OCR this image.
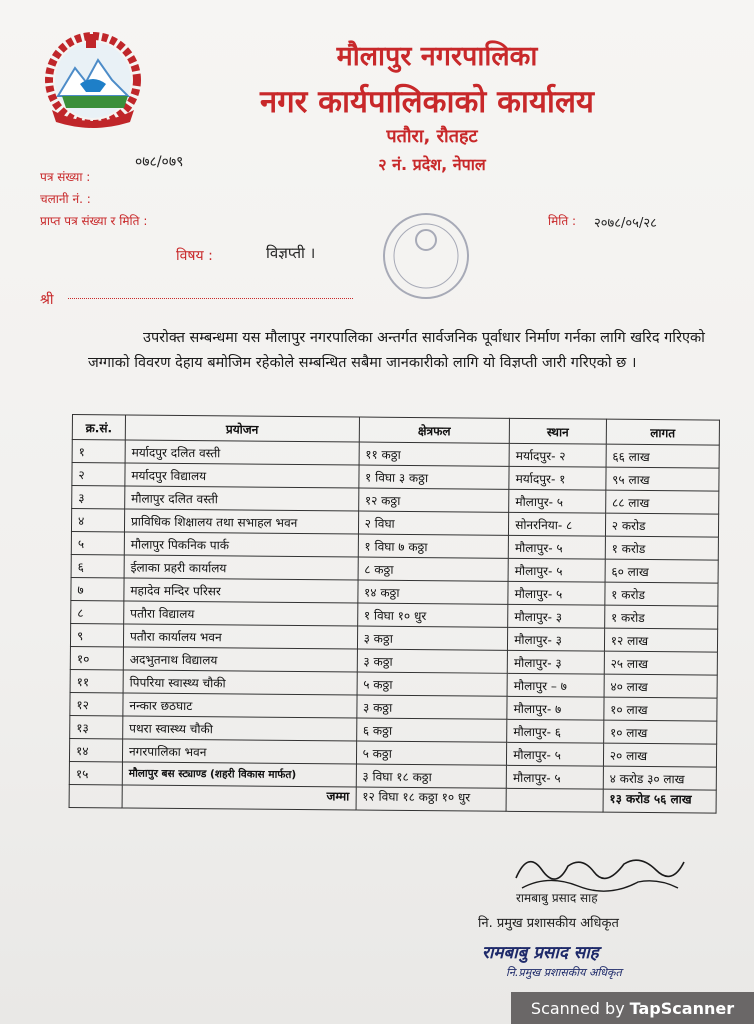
मौलापुर नगरपालिका
नगर कार्यपालिकाको कार्यालय
पतौरा, रौतहट
२ नं. प्रदेश, नेपाल
पत्र संख्या :
०७८/०७९
चलानी नं. :
प्राप्त पत्र संख्या र मिति :	मिति : २०७८/०५/२८
विषय :	विज्ञप्ती ।
श्री
उपरोक्त सम्बन्धमा यस मौलापुर नगरपालिका अन्तर्गत सार्वजनिक पूर्वाधार निर्माण गर्नका लागि खरिद गरिएको जग्गाको विवरण देहाय बमोजिम रहेकोले सम्बन्धित सबैमा जानकारीको लागि यो विज्ञप्ती जारी गरिएको छ ।
क्र.सं.	प्रयोजन	क्षेत्रफल	स्थान	लागत
१	मर्यादपुर दलित वस्ती	११ कठ्ठा	मर्यादपुर- २	६६ लाख
२	मर्यादपुर विद्यालय	१ विघा ३ कठ्ठा	मर्यादपुर- १	९५ लाख
३	मौलापुर दलित वस्ती	१२ कठ्ठा	मौलापुर- ५	८८ लाख
४	प्राविधिक शिक्षालय तथा सभाहल भवन	२ विघा	सोनरनिया- ८	२ करोड
५	मौलापुर पिकनिक पार्क	१ विघा ७ कठ्ठा	मौलापुर- ५	१ करोड
६	ईलाका प्रहरी कार्यालय	८ कठ्ठा	मौलापुर- ५	६० लाख
७	महादेव मन्दिर परिसर	१४ कठ्ठा	मौलापुर- ५	१ करोड
८	पतौरा विद्यालय	१ विघा १० धुर	मौलापुर- ३	१ करोड
९	पतौरा कार्यालय भवन	३ कठ्ठा	मौलापुर- ३	१२ लाख
१०	अदभुतनाथ विद्यालय	३ कठ्ठा	मौलापुर- ३	२५ लाख
११	पिपरिया स्वास्थ्य चौकी	५ कठ्ठा	मौलापुर – ७	४० लाख
१२	नन्कार छठघाट	३ कठ्ठा	मौलापुर- ७	१० लाख
१३	पथरा स्वास्थ्य चौकी	६ कठ्ठा	मौलापुर- ६	१० लाख
१४	नगरपालिका भवन	५ कठ्ठा	मौलापुर- ५	२० लाख
१५	मौलापुर बस स्ट्याण्ड (शहरी विकास मार्फत)	३ विघा १८ कठ्ठा	मौलापुर- ५	४ करोड ३० लाख
	जम्मा	१२ विघा १८ कठ्ठा १० धुर		१३ करोड ५६ लाख
रामबाबु प्रसाद साह
नि. प्रमुख प्रशासकीय अधिकृत
रामबाबु प्रसाद साह
नि.प्रमुख प्रशासकीय अधिकृत
Scanned by TapScanner
